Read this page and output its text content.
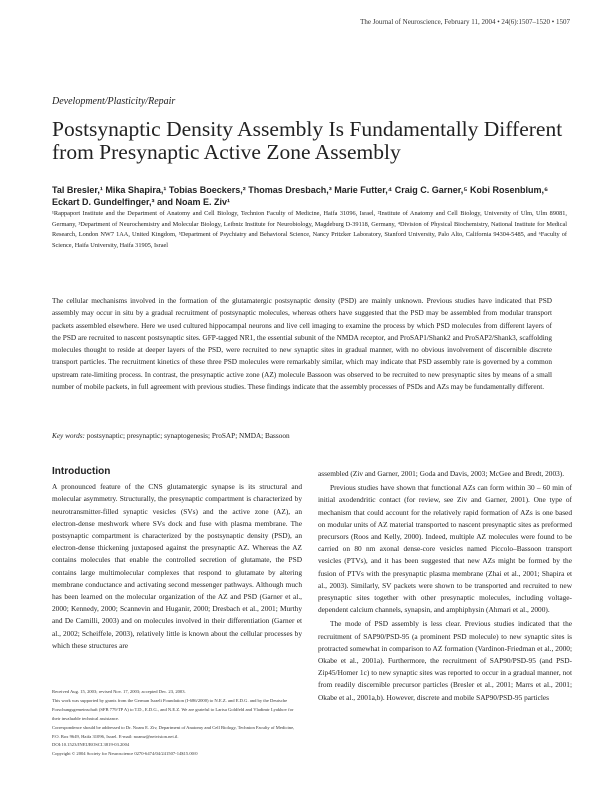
The Journal of Neuroscience, February 11, 2004 • 24(6):1507–1520 • 1507
Development/Plasticity/Repair
Postsynaptic Density Assembly Is Fundamentally Different from Presynaptic Active Zone Assembly
Tal Bresler,¹ Mika Shapira,¹ Tobias Boeckers,² Thomas Dresbach,³ Marie Futter,⁴ Craig C. Garner,⁵ Kobi Rosenblum,⁶ Eckart D. Gundelfinger,³ and Noam E. Ziv¹
¹Rappaport Institute and the Department of Anatomy and Cell Biology, Technion Faculty of Medicine, Haifa 31096, Israel, ²Institute of Anatomy and Cell Biology, University of Ulm, Ulm 89081, Germany, ³Department of Neurochemistry and Molecular Biology, Leibniz Institute for Neurobiology, Magdeburg D-39118, Germany, ⁴Division of Physical Biochemistry, National Institute for Medical Research, London NW7 1AA, United Kingdom, ⁵Department of Psychiatry and Behavioral Science, Nancy Pritzker Laboratory, Stanford University, Palo Alto, California 94304-5485, and ⁶Faculty of Science, Haifa University, Haifa 31905, Israel
The cellular mechanisms involved in the formation of the glutamatergic postsynaptic density (PSD) are mainly unknown. Previous studies have indicated that PSD assembly may occur in situ by a gradual recruitment of postsynaptic molecules, whereas others have suggested that the PSD may be assembled from modular transport packets assembled elsewhere. Here we used cultured hippocampal neurons and live cell imaging to examine the process by which PSD molecules from different layers of the PSD are recruited to nascent postsynaptic sites. GFP-tagged NR1, the essential subunit of the NMDA receptor, and ProSAP1/Shank2 and ProSAP2/Shank3, scaffolding molecules thought to reside at deeper layers of the PSD, were recruited to new synaptic sites in gradual manner, with no obvious involvement of discernible discrete transport particles. The recruitment kinetics of these three PSD molecules were remarkably similar, which may indicate that PSD assembly rate is governed by a common upstream rate-limiting process. In contrast, the presynaptic active zone (AZ) molecule Bassoon was observed to be recruited to new presynaptic sites by means of a small number of mobile packets, in full agreement with previous studies. These findings indicate that the assembly processes of PSDs and AZs may be fundamentally different.
Key words: postsynaptic; presynaptic; synaptogenesis; ProSAP; NMDA; Bassoon
Introduction

A pronounced feature of the CNS glutamatergic synapse is its structural and molecular asymmetry. Structurally, the presynaptic compartment is characterized by neurotransmitter-filled synaptic vesicles (SVs) and the active zone (AZ), an electron-dense meshwork where SVs dock and fuse with plasma membrane. The postsynaptic compartment is characterized by the postsynaptic density (PSD), an electron-dense thickening juxtaposed against the presynaptic AZ. Whereas the AZ contains molecules that enable the controlled secretion of glutamate, the PSD contains large multimolecular complexes that respond to glutamate by altering membrane conductance and activating second messenger pathways. Although much has been learned on the molecular organization of the AZ and PSD (Garner et al., 2000; Kennedy, 2000; Scannevin and Huganir, 2000; Dresbach et al., 2001; Murthy and De Camilli, 2003) and on molecules involved in their differentiation (Garner et al., 2002; Scheiffele, 2003), relatively little is known about the cellular processes by which these structures are

assembled (Ziv and Garner, 2001; Goda and Davis, 2003; McGee and Bredt, 2003).

Previous studies have shown that functional AZs can form within 30 – 60 min of initial axodendritic contact (for review, see Ziv and Garner, 2001). One type of mechanism that could account for the relatively rapid formation of AZs is one based on modular units of AZ material transported to nascent presynaptic sites as preformed precursors (Roos and Kelly, 2000). Indeed, multiple AZ molecules were found to be carried on 80 nm axonal dense-core vesicles named Piccolo–Bassoon transport vesicles (PTVs), and it has been suggested that new AZs might be formed by the fusion of PTVs with the presynaptic plasma membrane (Zhai et al., 2001; Shapira et al., 2003). Similarly, SV packets were shown to be transported and recruited to new presynaptic sites together with other presynaptic molecules, including voltage-dependent calcium channels, synapsin, and amphiphysin (Ahmari et al., 2000).

The mode of PSD assembly is less clear. Previous studies indicated that the recruitment of SAP90/PSD-95 (a prominent PSD molecule) to new synaptic sites is protracted somewhat in comparison to AZ formation (Vardinon-Friedman et al., 2000; Okabe et al., 2001a). Furthermore, the recruitment of SAP90/PSD-95 (and PSD-Zip45/Homer 1c) to new synaptic sites was reported to occur in a gradual manner, not from readily discernible precursor particles (Bresler et al., 2001; Marrs et al., 2001; Okabe et al., 2001a,b). However, discrete and mobile SAP90/PSD-95 particles

Received Aug. 15, 2003; revised Nov. 17, 2003; accepted Dec. 23, 2003.
This work was supported by grants from the German Israeli Foundation (I-686/2000) to N.E.Z. and E.D.G. and by the Deutsche Forschungsgemeinschaft (SFB 779/TP A) to T.D., E.D.G., and N.E.Z. We are grateful to Larisa Goldfeld and Vladimir Lyakhov for their invaluable technical assistance.
Correspondence should be addressed to Dr. Noam E. Ziv, Department of Anatomy and Cell Biology, Technion Faculty of Medicine, P.O. Box 9649, Haifa 31096, Israel. E-mail: noamz@netvision.net.il.
DOI:10.1523/JNEUROSCI.3819-03.2004
Copyright © 2004 Society for Neuroscience 0270-6474/04/241507-14$15.00/0
